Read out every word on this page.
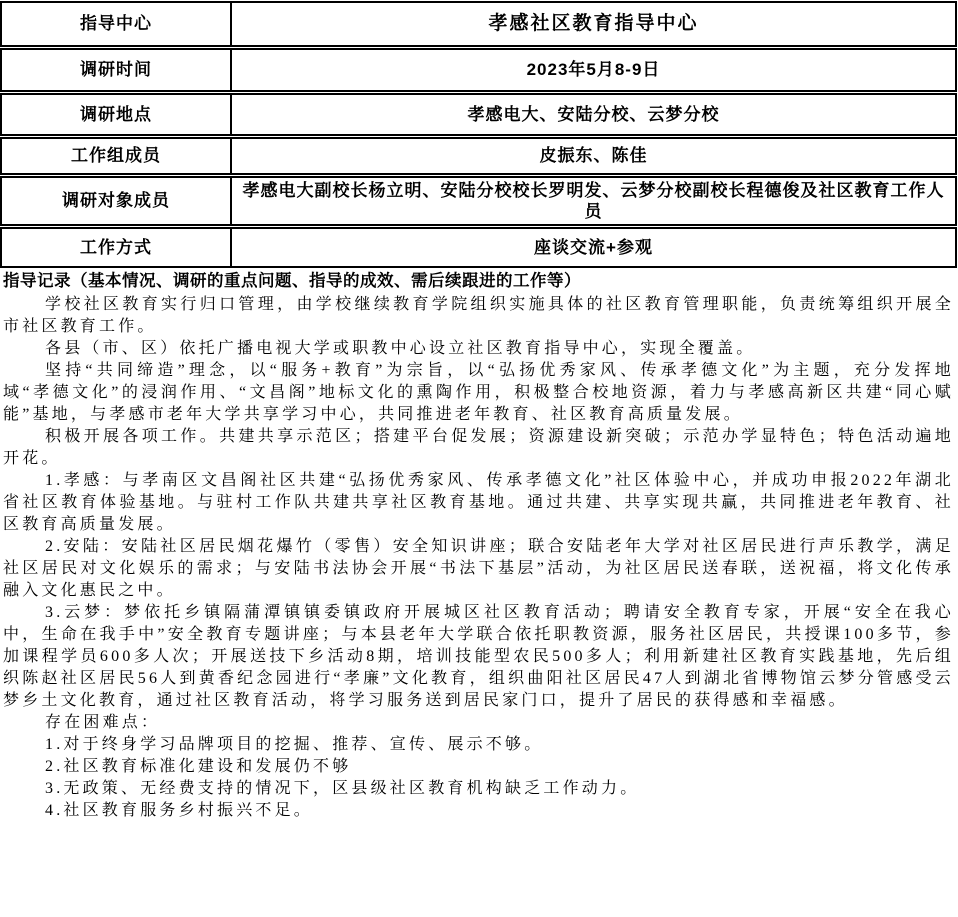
指导中心	孝感社区教育指导中心
调研时间	2023年5月8-9日
调研地点	孝感电大、安陆分校、云梦分校
工作组成员	皮振东、陈佳
调研对象成员	孝感电大副校长杨立明、安陆分校校长罗明发、云梦分校副校长程德俊及社区教育工作人员
工作方式	座谈交流+参观
指导记录（基本情况、调研的重点问题、指导的成效、需后续跟进的工作等）

学校社区教育实行归口管理，由学校继续教育学院组织实施具体的社区教育管理职能，负责统筹组织开展全市社区教育工作。

各县（市、区）依托广播电视大学或职教中心设立社区教育指导中心，实现全覆盖。

坚持“共同缔造”理念，以“服务+教育”为宗旨，以“弘扬优秀家风、传承孝德文化”为主题，充分发挥地域“孝德文化”的浸润作用、“文昌阁”地标文化的熏陶作用，积极整合校地资源，着力与孝感高新区共建“同心赋能”基地，与孝感市老年大学共享学习中心，共同推进老年教育、社区教育高质量发展。

积极开展各项工作。共建共享示范区；搭建平台促发展；资源建设新突破；示范办学显特色；特色活动遍地开花。

1.孝感：与孝南区文昌阁社区共建“弘扬优秀家风、传承孝德文化”社区体验中心，并成功申报2022年湖北省社区教育体验基地。与驻村工作队共建共享社区教育基地。通过共建、共享实现共赢，共同推进老年教育、社区教育高质量发展。

2.安陆：安陆社区居民烟花爆竹（零售）安全知识讲座；联合安陆老年大学对社区居民进行声乐教学，满足社区居民对文化娱乐的需求；与安陆书法协会开展“书法下基层”活动，为社区居民送春联，送祝福，将文化传承融入文化惠民之中。

3.云梦：梦依托乡镇隔蒲潭镇镇委镇政府开展城区社区教育活动；聘请安全教育专家，开展“安全在我心中，生命在我手中”安全教育专题讲座；与本县老年大学联合依托职教资源，服务社区居民，共授课100多节，参加课程学员600多人次；开展送技下乡活动8期，培训技能型农民500多人；利用新建社区教育实践基地，先后组织陈赵社区居民56人到黄香纪念园进行“孝廉”文化教育，组织曲阳社区居民47人到湖北省博物馆云梦分管感受云梦乡土文化教育，通过社区教育活动，将学习服务送到居民家门口，提升了居民的获得感和幸福感。

存在困难点：

1.对于终身学习品牌项目的挖掘、推荐、宣传、展示不够。

2.社区教育标准化建设和发展仍不够

3.无政策、无经费支持的情况下，区县级社区教育机构缺乏工作动力。

4.社区教育服务乡村振兴不足。
